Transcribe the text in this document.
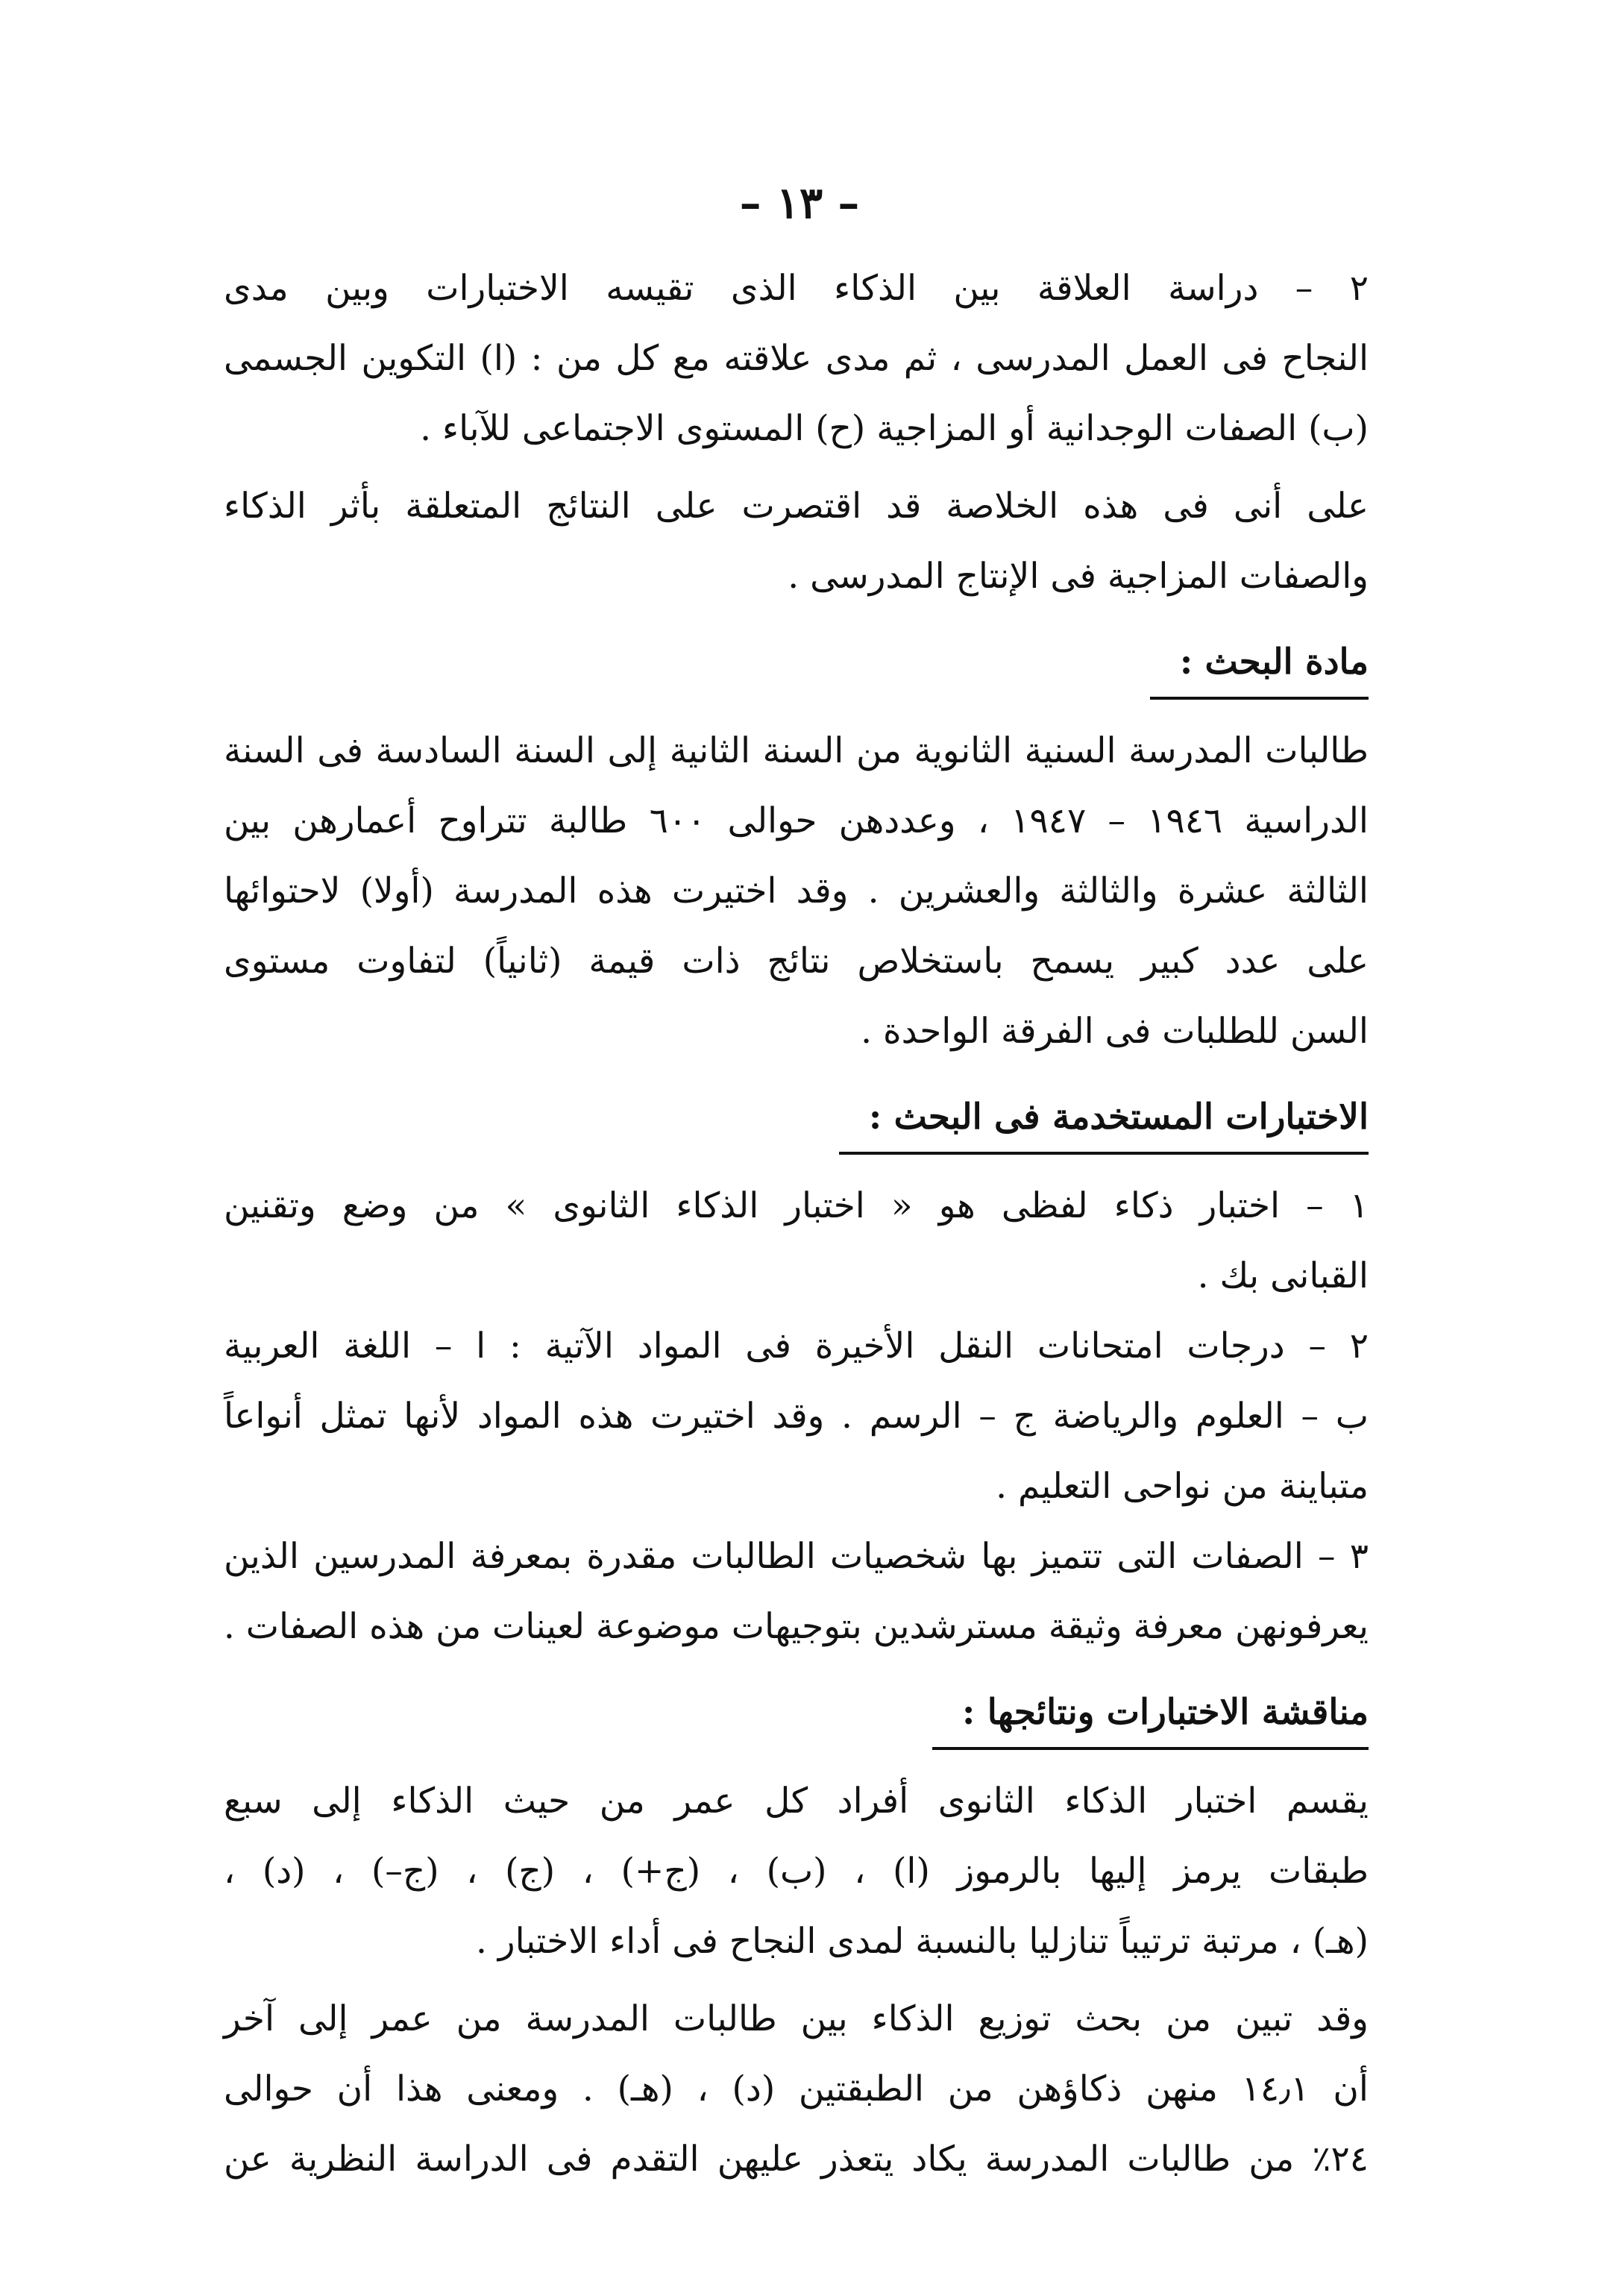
– ١٣ –
٢ – دراسة العلاقة بين الذكاء الذى تقيسه الاختبارات وبين مدى
النجاح فى العمل المدرسى ، ثم مدى علاقته مع كل من : (ا) التكوين الجسمى
(ب) الصفات الوجدانية أو المزاجية (ح) المستوى الاجتماعى للآباء .
على أنى فى هذه الخلاصة قد اقتصرت على النتائج المتعلقة بأثر الذكاء
والصفات المزاجية فى الإنتاج المدرسى .
مادة البحث :
طالبات المدرسة السنية الثانوية من السنة الثانية إلى السنة السادسة فى السنة
الدراسية ١٩٤٦ – ١٩٤٧ ، وعددهن حوالى ٦٠٠ طالبة تتراوح أعمارهن بين
الثالثة عشرة والثالثة والعشرين . وقد اختيرت هذه المدرسة (أولا) لاحتوائها
على عدد كبير يسمح باستخلاص نتائج ذات قيمة (ثانياً) لتفاوت مستوى
السن للطلبات فى الفرقة الواحدة .
الاختبارات المستخدمة فى البحث :
١ – اختبار ذكاء لفظى هو « اختبار الذكاء الثانوى » من وضع وتقنين
القبانى بك .
٢ – درجات امتحانات النقل الأخيرة فى المواد الآتية : ا – اللغة العربية
ب – العلوم والرياضة ج – الرسم . وقد اختيرت هذه المواد لأنها تمثل أنواعاً
متباينة من نواحى التعليم .
٣ – الصفات التى تتميز بها شخصيات الطالبات مقدرة بمعرفة المدرسين الذين
يعرفونهن معرفة وثيقة مسترشدين بتوجيهات موضوعة لعينات من هذه الصفات .
مناقشة الاختبارات ونتائجها :
يقسم اختبار الذكاء الثانوى أفراد كل عمر من حيث الذكاء إلى سبع
طبقات يرمز إليها بالرموز (ا) ، (ب) ، (ج+) ، (ج) ، (ج–) ، (د) ،
(هـ) ، مرتبة ترتيباً تنازليا بالنسبة لمدى النجاح فى أداء الاختبار .
وقد تبين من بحث توزيع الذكاء بين طالبات المدرسة من عمر إلى آخر
أن ١٤٫١ منهن ذكاؤهن من الطبقتين (د) ، (هـ) . ومعنى هذا أن حوالى
٢٤٪ من طالبات المدرسة يكاد يتعذر عليهن التقدم فى الدراسة النظرية عن
